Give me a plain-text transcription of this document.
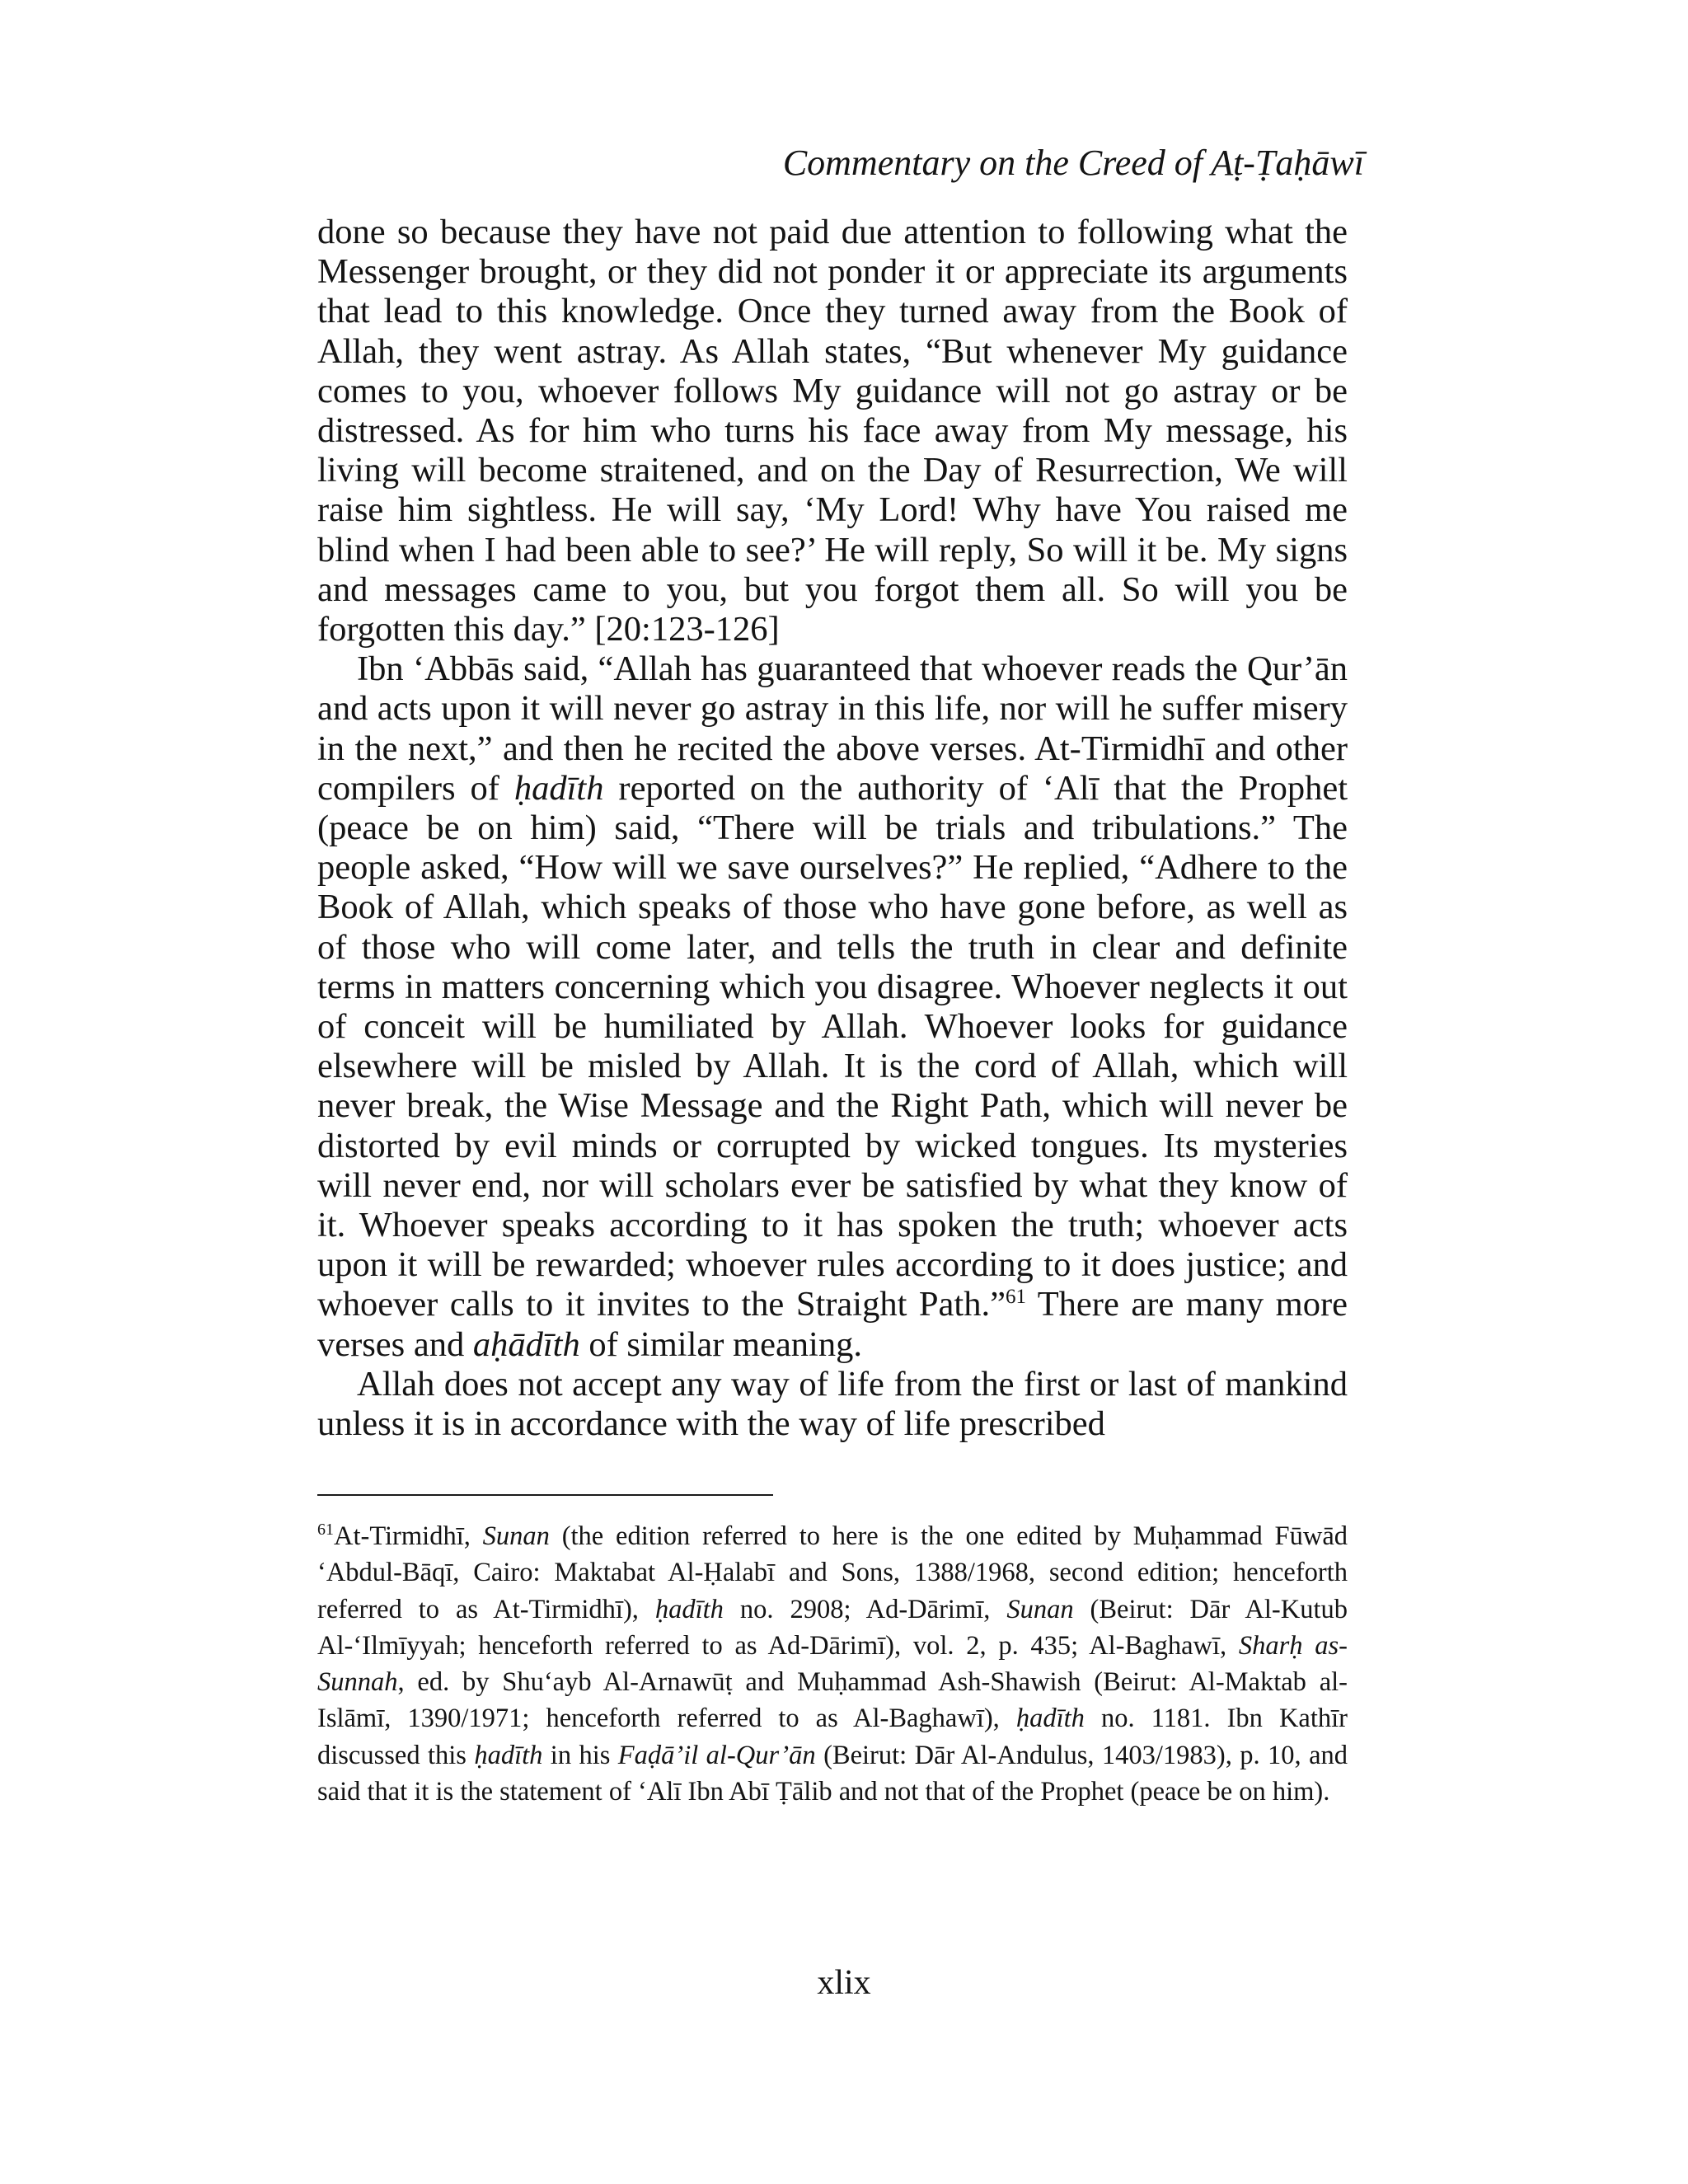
Commentary on the Creed of Aṭ-Ṭaḥāwī

done so because they have not paid due attention to following what the Messenger brought, or they did not ponder it or appreciate its arguments that lead to this knowledge. Once they turned away from the Book of Allah, they went astray. As Allah states, “But whenever My guidance comes to you, whoever follows My guidance will not go astray or be distressed. As for him who turns his face away from My message, his living will become straitened, and on the Day of Resurrection, We will raise him sightless. He will say, ‘My Lord! Why have You raised me blind when I had been able to see?’ He will reply, So will it be. My signs and messages came to you, but you forgot them all. So will you be forgotten this day.” [20:123-126]

Ibn ‘Abbās said, “Allah has guaranteed that whoever reads the Qur’ān and acts upon it will never go astray in this life, nor will he suffer misery in the next,” and then he recited the above verses. At-Tirmidhī and other compilers of ḥadīth reported on the authority of ‘Alī that the Prophet (peace be on him) said, “There will be trials and tribulations.” The people asked, “How will we save ourselves?” He replied, “Adhere to the Book of Allah, which speaks of those who have gone before, as well as of those who will come later, and tells the truth in clear and definite terms in matters concerning which you disagree. Whoever neglects it out of conceit will be humiliated by Allah. Whoever looks for guidance elsewhere will be misled by Allah. It is the cord of Allah, which will never break, the Wise Message and the Right Path, which will never be distorted by evil minds or corrupted by wicked tongues. Its mysteries will never end, nor will scholars ever be satisfied by what they know of it. Whoever speaks according to it has spoken the truth; whoever acts upon it will be rewarded; whoever rules according to it does justice; and whoever calls to it invites to the Straight Path.”$^{61}$ There are many more verses and aḥādīth of similar meaning.

Allah does not accept any way of life from the first or last of mankind unless it is in accordance with the way of life prescribed

$^{61}$At-Tirmidhī, Sunan (the edition referred to here is the one edited by Muḥammad Fūwād ‘Abdul-Bāqī, Cairo: Maktabat Al-Ḥalabī and Sons, 1388/1968, second edition; henceforth referred to as At-Tirmidhī), ḥadīth no. 2908; Ad-Dārimī, Sunan (Beirut: Dār Al-Kutub Al-‘Ilmīyyah; henceforth referred to as Ad-Dārimī), vol. 2, p. 435; Al-Baghawī, Sharḥ as-Sunnah, ed. by Shu‘ayb Al-Arnawūṭ and Muḥammad Ash-Shawish (Beirut: Al-Maktab al-Islāmī, 1390/1971; henceforth referred to as Al-Baghawī), ḥadīth no. 1181. Ibn Kathīr discussed this ḥadīth in his Faḍā’il al-Qur’ān (Beirut: Dār Al-Andulus, 1403/1983), p. 10, and said that it is the statement of ‘Alī Ibn Abī Ṭālib and not that of the Prophet (peace be on him).

xlix
